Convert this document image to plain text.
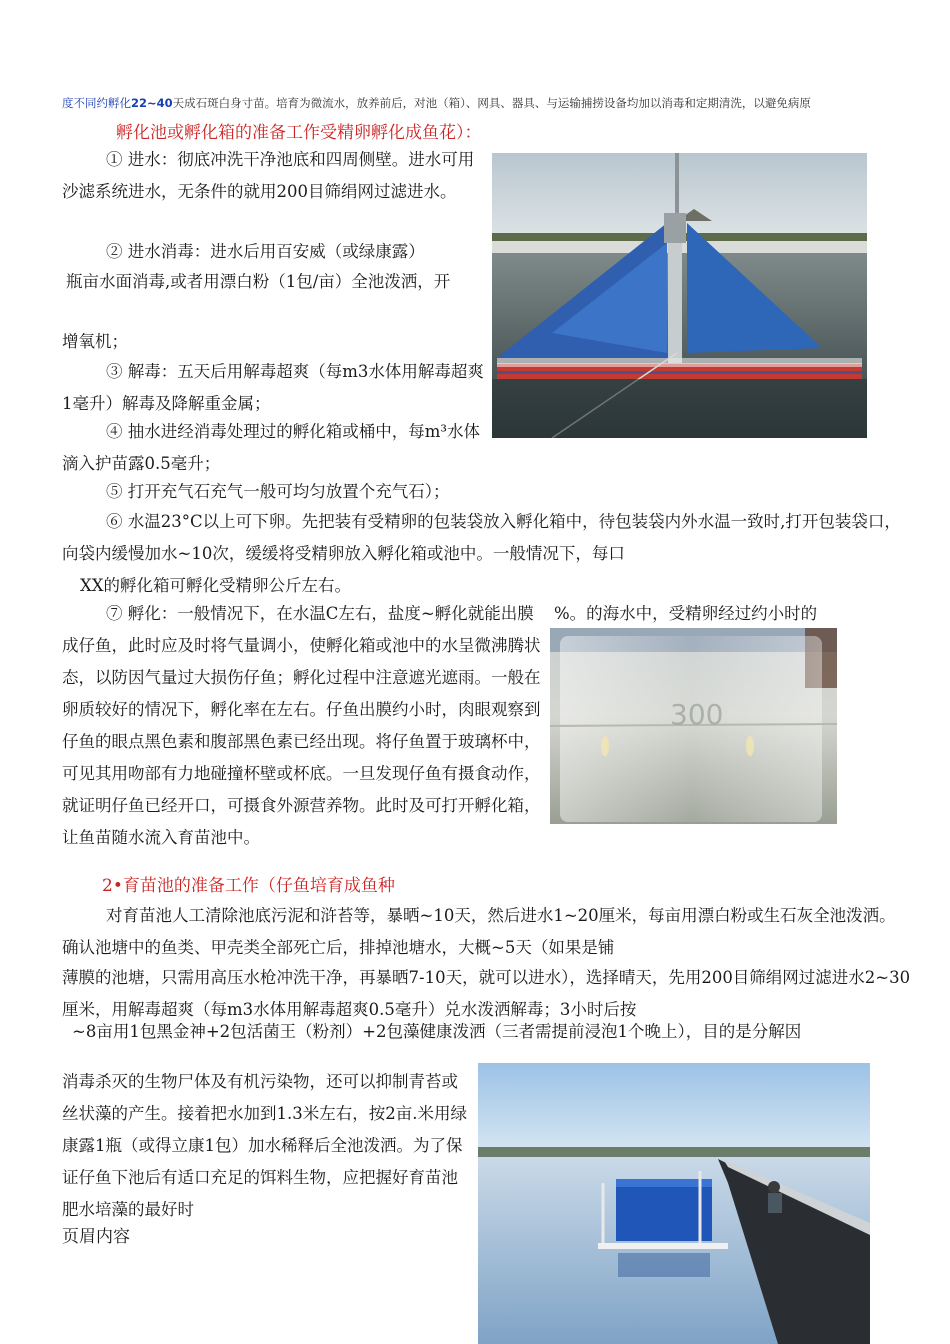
度不同约孵化22~40天成石斑白身寸苗。培育为微流水，放养前后，对池（箱）、网具、器具、与运输捕捞设备均加以消毒和定期清洗，以避免病原
孵化池或孵化箱的准备工作受精卵孵化成鱼花）：

① 进水：彻底冲洗干净池底和四周侧壁。进水可用沙滤系统进水，无条件的就用200目筛绢网过滤进水。

② 进水消毒：进水后用百安威（或绿康露）

瓶亩水面消毒,或者用漂白粉（1包/亩）全池泼洒，开

增氧机；

③ 解毒：五天后用解毒超爽（每m3水体用解毒超爽1毫升）解毒及降解重金属；

④ 抽水进经消毒处理过的孵化箱或桶中，每m³水体滴入护苗露0.5毫升；

⑤ 打开充气石充气一般可均匀放置个充气石）；

⑥ 水温23°C以上可下卵。先把装有受精卵的包装袋放入孵化箱中，待包装袋内外水温一致时,打开包装袋口，向袋内缓慢加水~10次，缓缓将受精卵放入孵化箱或池中。一般情况下，每口

XX的孵化箱可孵化受精卵公斤左右。

⑦ 孵化：一般情况下，在水温C左右，盐度~孵化就能出膜成仔鱼，此时应及时将气量调小，使孵化箱或池中的水呈微沸腾状态，以防因气量过大损伤仔鱼；孵化过程中注意遮光遮雨。一般在卵质较好的情况下，孵化率在左右。仔鱼出膜约小时，肉眼观察到仔鱼的眼点黑色素和腹部黑色素已经出现。将仔鱼置于玻璃杯中，可见其用吻部有力地碰撞杯壁或杯底。一旦发现仔鱼有摄食动作，就证明仔鱼已经开口，可摄食外源营养物。此时及可打开孵化箱，让鱼苗随水流入育苗池中。

%。的海水中，受精卵经过约小时的

300
2•育苗池的准备工作（仔鱼培育成鱼种

对育苗池人工清除池底污泥和浒苔等，暴晒~10天，然后进水1~20厘米，每亩用漂白粉或生石灰全池泼洒。确认池塘中的鱼类、甲壳类全部死亡后，排掉池塘水，大概~5天（如果是铺

薄膜的池塘，只需用高压水枪冲洗干净，再暴晒7-10天，就可以进水），选择晴天，先用200目筛绢网过滤进水2~30厘米，用解毒超爽（每m3水体用解毒超爽0.5毫升）兑水泼洒解毒；3小时后按

~8亩用1包黑金神+2包活菌王（粉剂）+2包藻健康泼洒（三者需提前浸泡1个晚上），目的是分解因

消毒杀灭的生物尸体及有机污染物，还可以抑制青苔或丝状藻的产生。接着把水加到1.3米左右，按2亩.米用绿康露1瓶（或得立康1包）加水稀释后全池泼洒。为了保证仔鱼下池后有适口充足的饵料生物，应把握好育苗池肥水培藻的最好时

页眉内容
